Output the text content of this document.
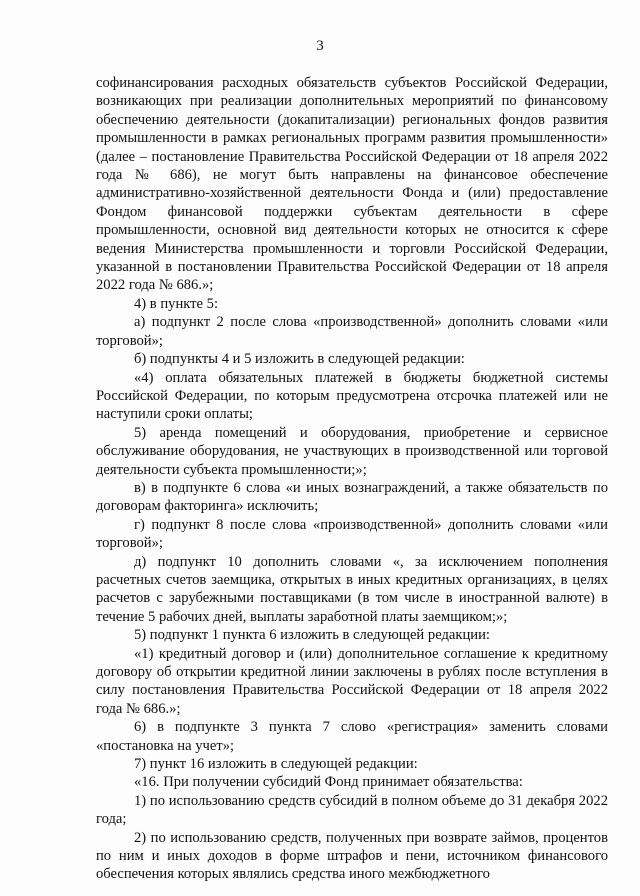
3

софинансирования расходных обязательств субъектов Российской Федерации, возникающих при реализации дополнительных мероприятий по финансовому обеспечению деятельности (докапитализации) региональных фондов развития промышленности в рамках региональных программ развития промышленности» (далее – постановление Правительства Российской Федерации от 18 апреля 2022 года № 686), не могут быть направлены на финансовое обеспечение административно-хозяйственной деятельности Фонда и (или) предоставление Фондом финансовой поддержки субъектам деятельности в сфере промышленности, основной вид деятельности которых не относится к сфере ведения Министерства промышленности и торговли Российской Федерации, указанной в постановлении Правительства Российской Федерации от 18 апреля 2022 года № 686.»;

4) в пункте 5:

а) подпункт 2 после слова «производственной» дополнить словами «или торговой»;

б) подпункты 4 и 5 изложить в следующей редакции:

«4) оплата обязательных платежей в бюджеты бюджетной системы Российской Федерации, по которым предусмотрена отсрочка платежей или не наступили сроки оплаты;

5) аренда помещений и оборудования, приобретение и сервисное обслуживание оборудования, не участвующих в производственной или торговой деятельности субъекта промышленности;»;

в) в подпункте 6 слова «и иных вознаграждений, а также обязательств по договорам факторинга» исключить;

г) подпункт 8 после слова «производственной» дополнить словами «или торговой»;

д) подпункт 10 дополнить словами «, за исключением пополнения расчетных счетов заемщика, открытых в иных кредитных организациях, в целях расчетов с зарубежными поставщиками (в том числе в иностранной валюте) в течение 5 рабочих дней, выплаты заработной платы заемщиком;»;

5) подпункт 1 пункта 6 изложить в следующей редакции:

«1) кредитный договор и (или) дополнительное соглашение к кредитному договору об открытии кредитной линии заключены в рублях после вступления в силу постановления Правительства Российской Федерации от 18 апреля 2022 года № 686.»;

6) в подпункте 3 пункта 7 слово «регистрация» заменить словами «постановка на учет»;

7) пункт 16 изложить в следующей редакции:

«16. При получении субсидий Фонд принимает обязательства:

1) по использованию средств субсидий в полном объеме до 31 декабря 2022 года;

2) по использованию средств, полученных при возврате займов, процентов по ним и иных доходов в форме штрафов и пени, источником финансового обеспечения которых являлись средства иного межбюджетного
